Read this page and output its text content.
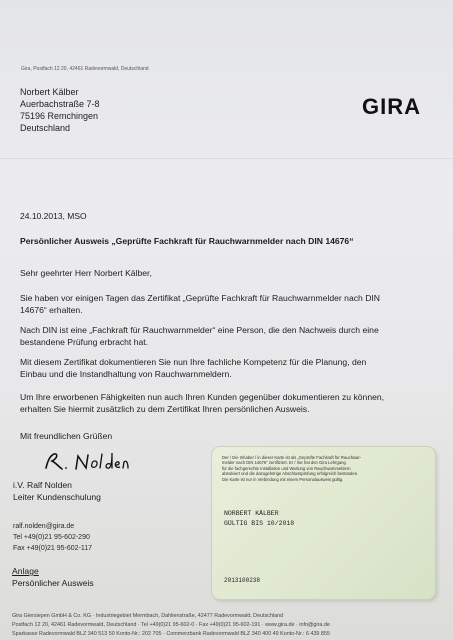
Gira, Postfach 12 20, 42461 Radevormwald, Deutschland
Norbert Kälber
Auerbachstraße 7-8
75196 Remchingen
Deutschland
GIRA
24.10.2013, MSO
Persönlicher Ausweis „Geprüfte Fachkraft für Rauchwarnmelder nach DIN 14676“
Sehr geehrter Herr Norbert Kälber,
Sie haben vor einigen Tagen das Zertifikat „Geprüfte Fachkraft für Rauchwarnmelder nach DIN
14676“ erhalten.
Nach DIN ist eine „Fachkraft für Rauchwarnmelder“ eine Person, die den Nachweis durch eine
bestandene Prüfung erbracht hat.
Mit diesem Zertifikat dokumentieren Sie nun Ihre fachliche Kompetenz für die Planung, den
Einbau und die Instandhaltung von Rauchwarnmeldern.
Um Ihre erworbenen Fähigkeiten nun auch Ihren Kunden gegenüber dokumentieren zu können,
erhalten Sie hiermit zusätzlich zu dem Zertifikat Ihren persönlichen Ausweis.
Mit freundlichen Grüßen
i.V. Ralf Nolden
Leiter Kundenschulung
ralf.nolden@gira.de
Tel +49(0)21 95-602-290
Fax +49(0)21 95-602-117
Anlage
Persönlicher Ausweis
Der / Die Inhaber / in dieser Karte ist als „Geprüfte Fachkraft für Rauchwar-
melder nach DIN 14676“ zertifiziert. Er / Sie hat den Gira Lehrgang
für die fachgerechte Installation und Wartung von Rauchwarnmeldern
absolviert und die dazugehörige Abschlussprüfung erfolgreich bestanden.
Die Karte ist nur in Verbindung mit einem Personalausweis gültig.
NORBERT KÄLBER
GÜLTIG BIS 10/2018
2013100238
Gira Giersiepen GmbH & Co. KG · Industriegebiet Mermbach, Dahlienstraße, 42477 Radevormwald, Deutschland
Postfach 12 20, 42461 Radevormwald, Deutschland · Tel +49(0)21 95-602-0 · Fax +49(0)21 95-602-191 · www.gira.de · info@gira.de
Sparkasse Radevormwald BLZ 340 513 50 Konto-Nr.: 202 705 · Commerzbank Radevormwald BLZ 340 400 49 Konto-Nr.: 6 439 855
